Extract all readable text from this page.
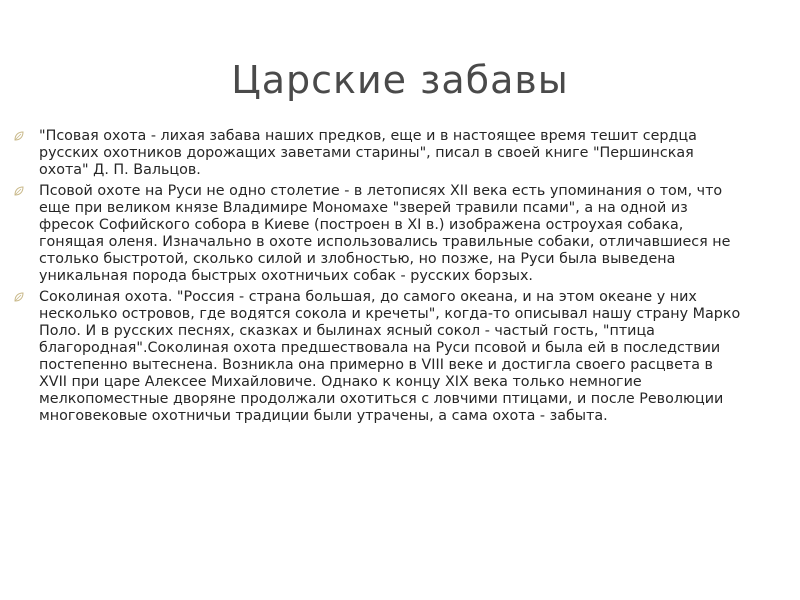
Царские забавы
"Псовая охота - лихая забава наших предков, еще и в настоящее время тешит сердца русских охотников дорожащих заветами старины", писал в своей книге "Першинская охота" Д. П. Вальцов.
Псовой охоте на Руси не одно столетие - в летописях XII века есть упоминания о том, что еще при великом князе Владимире Мономахе "зверей травили псами", а на одной из фресок Софийского собора в Киеве (построен в XI в.) изображена остроухая собака, гонящая оленя. Изначально в охоте использовались травильные собаки, отличавшиеся не столько быстротой, сколько силой и злобностью, но позже, на Руси была выведена уникальная порода быстрых охотничьих собак - русских борзых.
Соколиная охота. "Россия - страна большая, до самого океана, и на этом океане у них несколько островов, где водятся сокола и кречеты", когда-то описывал нашу страну Марко Поло. И в русских песнях, сказках и былинах ясный сокол - частый гость, "птица благородная".Соколиная охота предшествовала на Руси псовой и была ей в последствии постепенно вытеснена. Возникла она примерно в VIII веке и достигла своего расцвета в XVII при царе Алексее Михайловиче. Однако к концу XIX века только немногие мелкопоместные дворяне продолжали охотиться с ловчими птицами, и после Революции многовековые охотничьи традиции были утрачены, а сама охота - забыта.
